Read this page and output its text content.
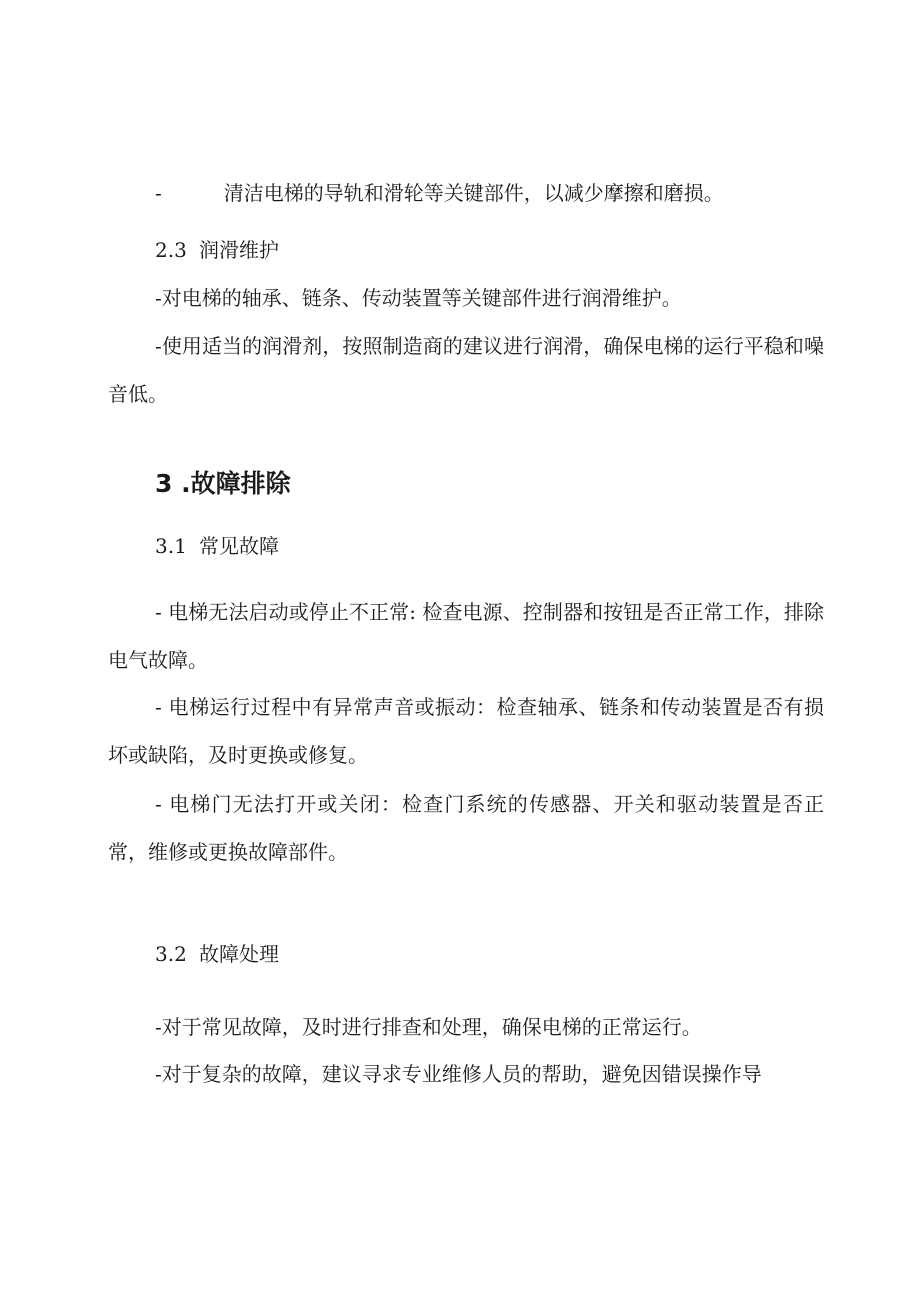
-	清洁电梯的导轨和滑轮等关键部件，以减少摩擦和磨损。
2.3 润滑维护
-对电梯的轴承、链条、传动装置等关键部件进行润滑维护。
-使用适当的润滑剂，按照制造商的建议进行润滑，确保电梯的运行平稳和噪音低。
3 .故障排除
3.1 常见故障
- 电梯无法启动或停止不正常: 检查电源、控制器和按钮是否正常工作，排除电气故障。
- 电梯运行过程中有异常声音或振动：检查轴承、链条和传动装置是否有损坏或缺陷，及时更换或修复。
- 电梯门无法打开或关闭：检查门系统的传感器、开关和驱动装置是否正常，维修或更换故障部件。
3.2 故障处理
-对于常见故障，及时进行排查和处理，确保电梯的正常运行。
-对于复杂的故障，建议寻求专业维修人员的帮助，避免因错误操作导
